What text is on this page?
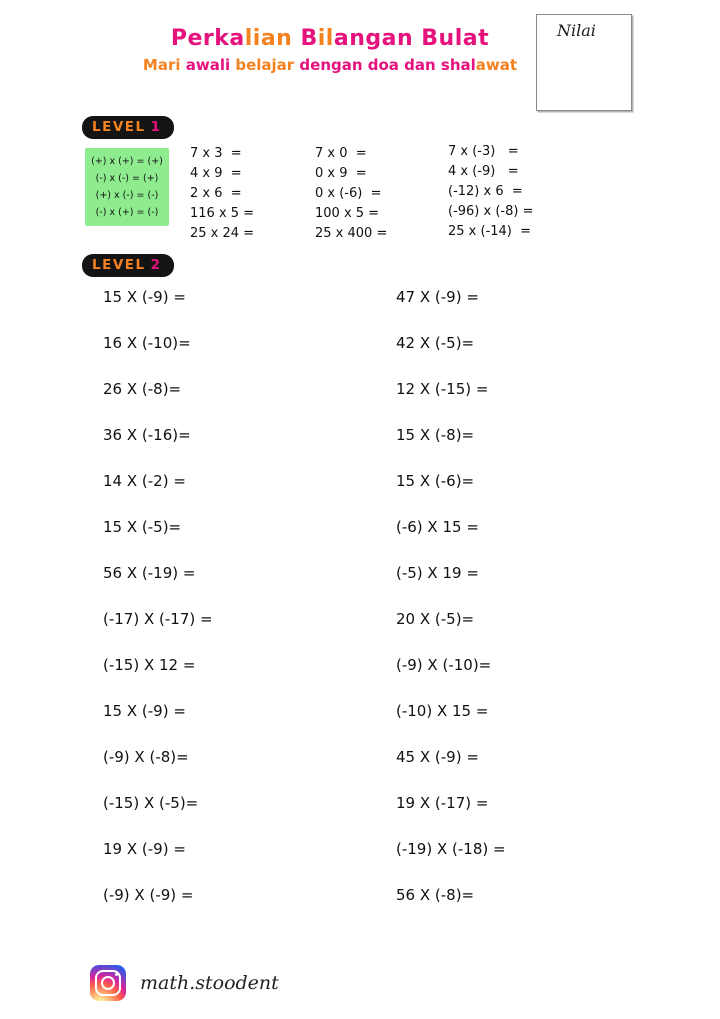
Perkalian Bilangan Bulat
Mari awali belajar dengan doa dan shalawat
Nilai
LEVEL 1
(+) x (+) = (+)
(-) x (-) = (+)
(+) x (-) = (-)
(-) x (+) = (-)
7 x 3  =
4 x 9  =
2 x 6  =
116 x 5 =
25 x 24 =
7 x 0  =
0 x 9  =
0 x (-6)  =
100 x 5 =
25 x 400 =
7 x (-3)   =
4 x (-9)   =
(-12) x 6  =
(-96) x (-8) =
25 x (-14)  =
LEVEL 2
15 X (-9) =
16 X (-10)=
26 X (-8)=
36 X (-16)=
14 X (-2) =
15 X (-5)=
56 X (-19) =
(-17) X (-17) =
(-15) X 12 =
15 X (-9) =
(-9) X (-8)=
(-15) X (-5)=
19 X (-9) =
(-9) X (-9) =
47 X (-9) =
42 X (-5)=
12 X (-15) =
15 X (-8)=
15 X (-6)=
(-6) X 15 =
(-5) X 19 =
20 X (-5)=
(-9) X (-10)=
(-10) X 15 =
45 X (-9) =
19 X (-17) =
(-19) X (-18) =
56 X (-8)=
math.stoodent
